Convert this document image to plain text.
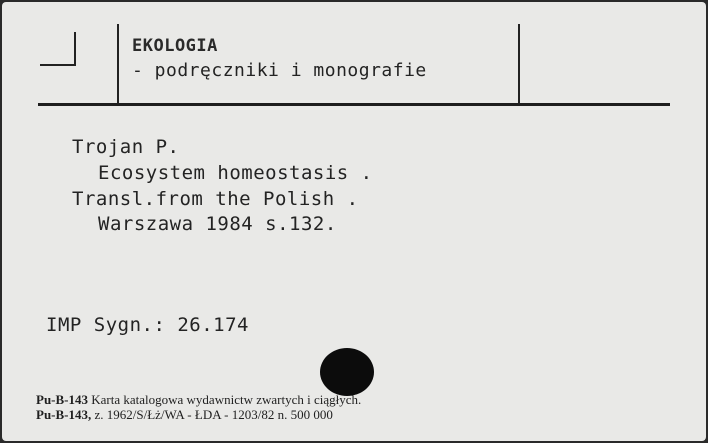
EKOLOGIA
- podręczniki i monografie
Trojan P.
Ecosystem homeostasis .
Transl.from the Polish .
Warszawa 1984 s.132.
IMP Sygn.: 26.174
Pu-B-143 Karta katalogowa wydawnictw zwartych i ciągłych.
Pu-B-143, z. 1962/S/Łż/WA - ŁDA - 1203/82 n. 500 000
